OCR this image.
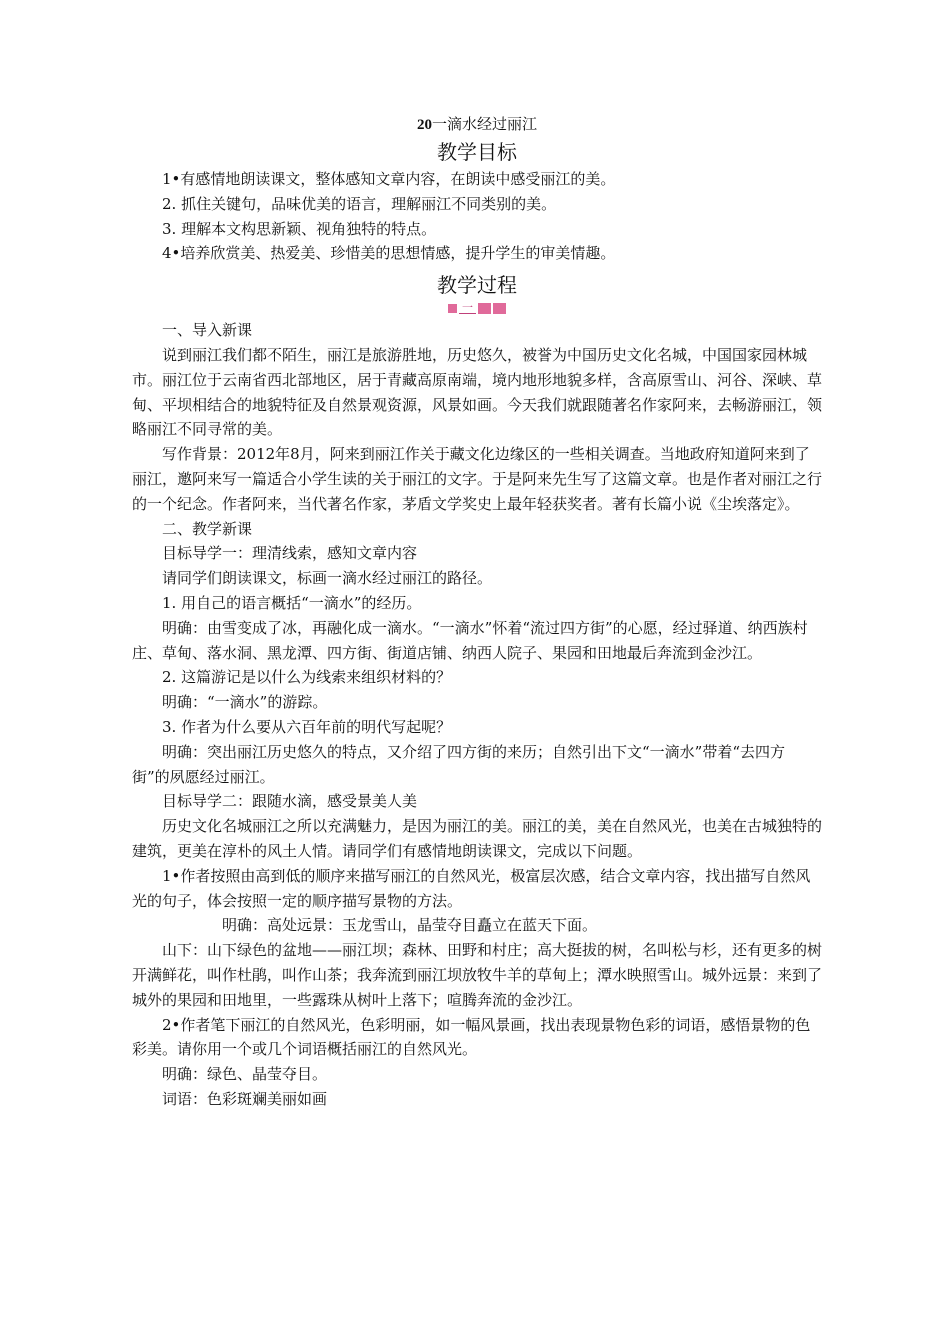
20一滴水经过丽江

教学目标

1•有感情地朗读课文，整体感知文章内容，在朗读中感受丽江的美。

2. 抓住关键句，品味优美的语言，理解丽江不同类别的美。

3. 理解本文构思新颖、视角独特的特点。

4•培养欣赏美、热爱美、珍惜美的思想情感，提升学生的审美情趣。

教学过程

一

一、导入新课

说到丽江我们都不陌生，丽江是旅游胜地，历史悠久，被誉为中国历史文化名城，中国国家园林城市。丽江位于云南省西北部地区，居于青藏高原南端，境内地形地貌多样，含高原雪山、河谷、深峡、草甸、平坝相结合的地貌特征及自然景观资源，风景如画。今天我们就跟随著名作家阿来，去畅游丽江，领略丽江不同寻常的美。

写作背景：2012年8月，阿来到丽江作关于藏文化边缘区的一些相关调查。当地政府知道阿来到了丽江，邀阿来写一篇适合小学生读的关于丽江的文字。于是阿来先生写了这篇文章。也是作者对丽江之行的一个纪念。作者阿来，当代著名作家，茅盾文学奖史上最年轻获奖者。著有长篇小说《尘埃落定》。

二、教学新课

目标导学一：理清线索，感知文章内容

请同学们朗读课文，标画一滴水经过丽江的路径。

1. 用自己的语言概括“一滴水”的经历。

明确：由雪变成了冰，再融化成一滴水。“一滴水”怀着“流过四方街”的心愿，经过驿道、纳西族村庄、草甸、落水洞、黑龙潭、四方街、街道店铺、纳西人院子、果园和田地最后奔流到金沙江。

2. 这篇游记是以什么为线索来组织材料的？

明确：“一滴水”的游踪。

3. 作者为什么要从六百年前的明代写起呢？

明确：突出丽江历史悠久的特点，又介绍了四方街的来历；自然引出下文“一滴水”带着“去四方街”的夙愿经过丽江。

目标导学二：跟随水滴，感受景美人美

历史文化名城丽江之所以充满魅力，是因为丽江的美。丽江的美，美在自然风光，也美在古城独特的建筑，更美在淳朴的风土人情。请同学们有感情地朗读课文，完成以下问题。

1•作者按照由高到低的顺序来描写丽江的自然风光，极富层次感，结合文章内容，找出描写自然风光的句子，体会按照一定的顺序描写景物的方法。

明确：高处远景：玉龙雪山，晶莹夺目矗立在蓝天下面。

山下：山下绿色的盆地——丽江坝；森林、田野和村庄；高大挺拔的树，名叫松与杉，还有更多的树开满鲜花，叫作杜鹃，叫作山茶；我奔流到丽江坝放牧牛羊的草甸上；潭水映照雪山。城外远景：来到了城外的果园和田地里，一些露珠从树叶上落下；喧腾奔流的金沙江。

2•作者笔下丽江的自然风光，色彩明丽，如一幅风景画，找出表现景物色彩的词语，感悟景物的色彩美。请你用一个或几个词语概括丽江的自然风光。

明确：绿色、晶莹夺目。

词语：色彩斑斓美丽如画
